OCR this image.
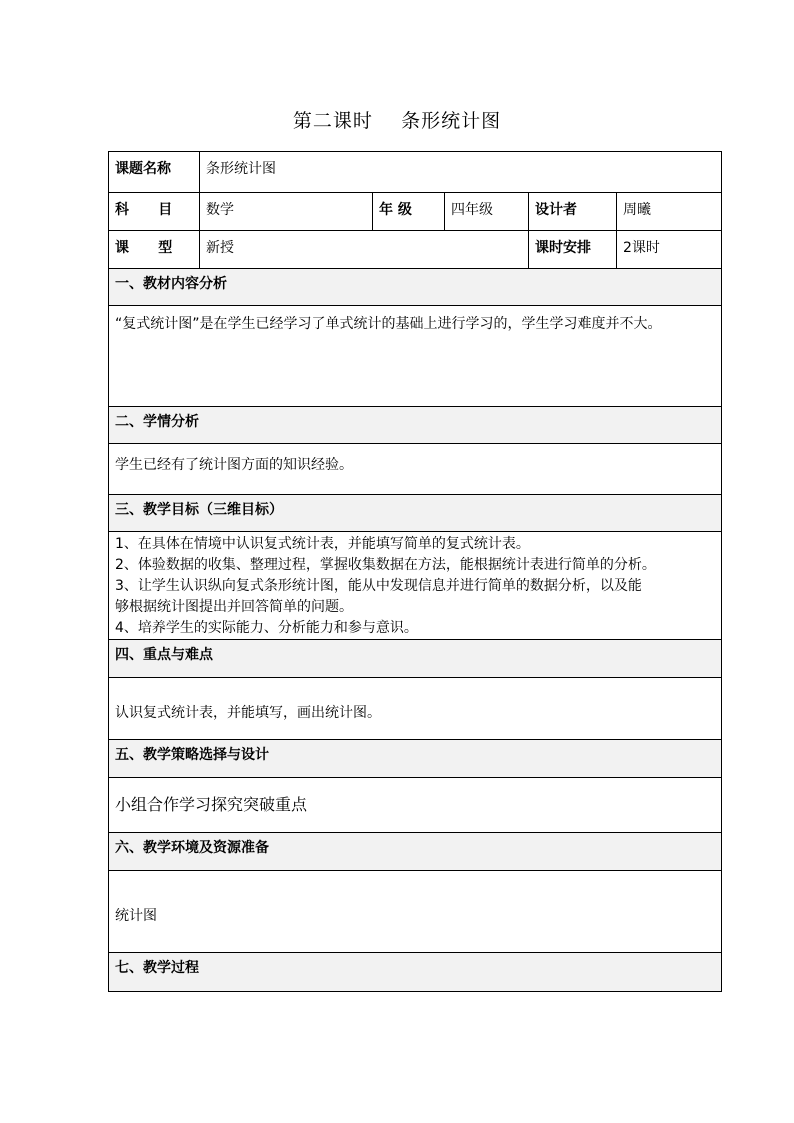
第二课时    条形统计图
课题名称	条形统计图				
科      目	数学	年 级	四年级	设计者	周曦
课      型	新授			课时安排	2课时
一、教材内容分析					
“复式统计图”是在学生已经学习了单式统计的基础上进行学习的，学生学习难度并不大。					
二、学情分析					
学生已经有了统计图方面的知识经验。					
三、教学目标（三维目标）					

1、在具体在情境中认识复式统计表，并能填写简单的复式统计表。
2、体验数据的收集、整理过程，掌握收集数据在方法，能根据统计表进行简单的分析。
3、让学生认识纵向复式条形统计图，能从中发现信息并进行简单的数据分析，以及能
够根据统计图提出并回答简单的问题。
4、培养学生的实际能力、分析能力和参与意识。					

四、重点与难点					
认识复式统计表，并能填写，画出统计图。					
五、教学策略选择与设计					
小组合作学习探究突破重点					
六、教学环境及资源准备					
统计图					
七、教学过程					
